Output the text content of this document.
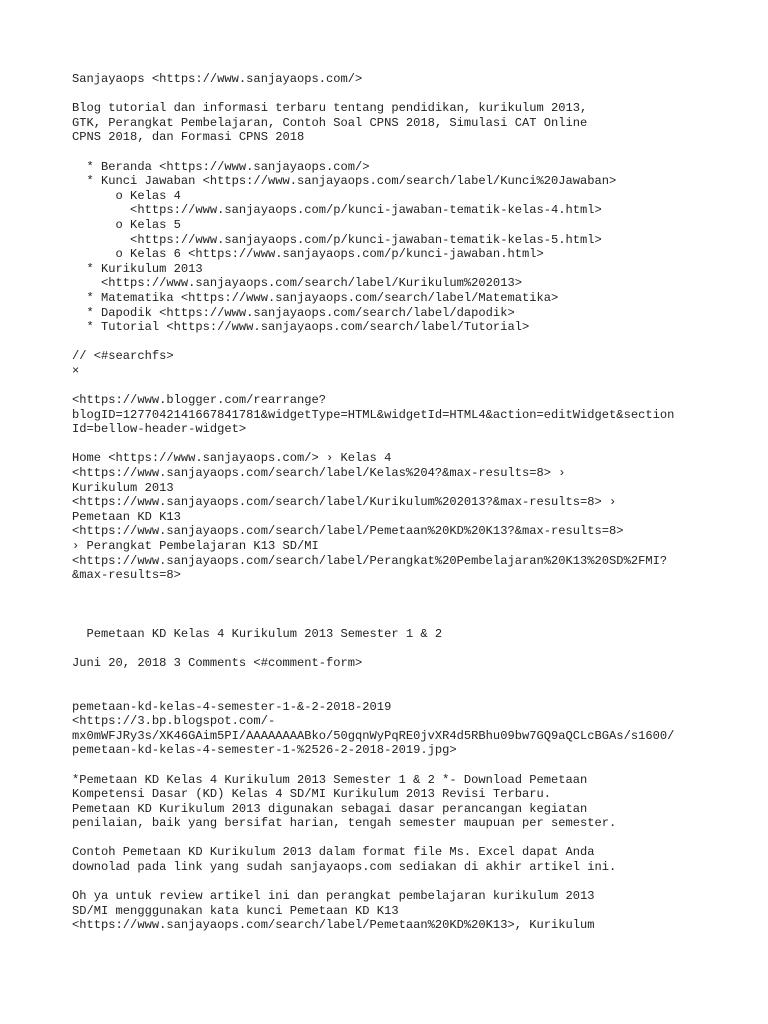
Sanjayaops <https://www.sanjayaops.com/>
Blog tutorial dan informasi terbaru tentang pendidikan, kurikulum 2013,
GTK, Perangkat Pembelajaran, Contoh Soal CPNS 2018, Simulasi CAT Online
CPNS 2018, dan Formasi CPNS 2018
* Beranda <https://www.sanjayaops.com/>
* Kunci Jawaban <https://www.sanjayaops.com/search/label/Kunci%20Jawaban>
o Kelas 4
<https://www.sanjayaops.com/p/kunci-jawaban-tematik-kelas-4.html>
o Kelas 5
<https://www.sanjayaops.com/p/kunci-jawaban-tematik-kelas-5.html>
o Kelas 6 <https://www.sanjayaops.com/p/kunci-jawaban.html>
* Kurikulum 2013
<https://www.sanjayaops.com/search/label/Kurikulum%202013>
* Matematika <https://www.sanjayaops.com/search/label/Matematika>
* Dapodik <https://www.sanjayaops.com/search/label/dapodik>
* Tutorial <https://www.sanjayaops.com/search/label/Tutorial>
// <#searchfs>
×
<https://www.blogger.com/rearrange?
blogID=1277042141667841781&widgetType=HTML&widgetId=HTML4&action=editWidget&section
Id=bellow-header-widget>
Home <https://www.sanjayaops.com/> › Kelas 4
<https://www.sanjayaops.com/search/label/Kelas%204?&max-results=8> ›
Kurikulum 2013
<https://www.sanjayaops.com/search/label/Kurikulum%202013?&max-results=8> ›
Pemetaan KD K13
<https://www.sanjayaops.com/search/label/Pemetaan%20KD%20K13?&max-results=8>
› Perangkat Pembelajaran K13 SD/MI
<https://www.sanjayaops.com/search/label/Perangkat%20Pembelajaran%20K13%20SD%2FMI?
&max-results=8>
Pemetaan KD Kelas 4 Kurikulum 2013 Semester 1 & 2
Juni 20, 2018 3 Comments <#comment-form>
pemetaan-kd-kelas-4-semester-1-&-2-2018-2019
<https://3.bp.blogspot.com/-
mx0mWFJRy3s/XK46GAim5PI/AAAAAAAABko/50gqnWyPqRE0jvXR4d5RBhu09bw7GQ9aQCLcBGAs/s1600/
pemetaan-kd-kelas-4-semester-1-%2526-2-2018-2019.jpg>
*Pemetaan KD Kelas 4 Kurikulum 2013 Semester 1 & 2 *- Download Pemetaan
Kompetensi Dasar (KD) Kelas 4 SD/MI Kurikulum 2013 Revisi Terbaru.
Pemetaan KD Kurikulum 2013 digunakan sebagai dasar perancangan kegiatan
penilaian, baik yang bersifat harian, tengah semester maupuan per semester.
Contoh Pemetaan KD Kurikulum 2013 dalam format file Ms. Excel dapat Anda
downolad pada link yang sudah sanjayaops.com sediakan di akhir artikel ini.
Oh ya untuk review artikel ini dan perangkat pembelajaran kurikulum 2013
SD/MI mengggunakan kata kunci Pemetaan KD K13
<https://www.sanjayaops.com/search/label/Pemetaan%20KD%20K13>, Kurikulum
